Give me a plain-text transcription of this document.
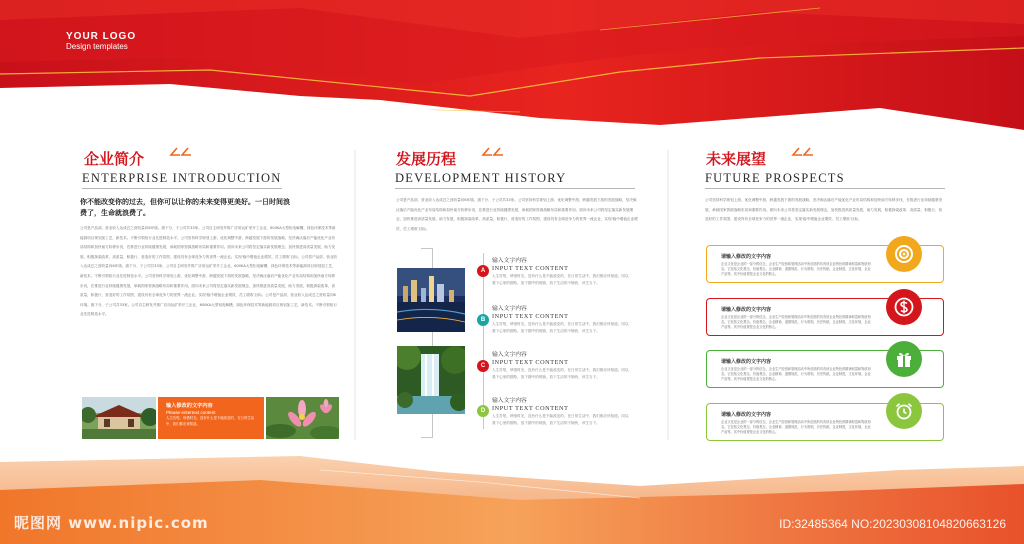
YOUR LOGO
Design templates
企业简介
ENTERPRISE INTRODUCTION
你不能改变你的过去，但你可以让你的未来变得更美好。一日时间浪费了，生命就浪费了。
公司是产品部。营业收入达成总之营收量向6环境。旗下分、子公司共33家。公司自主研发并推广应用运矿采开工企业，600KA大型铝电解槽。绿色环保技术等新能源项目规划加工艺，新技术。不断引领铝行业先进制造水平。公司坚持科学规划上游，优化调整中游，跨越发展下游的发展战略，坚决淘汰落后产能优化产业布局结构和加快南方转移步伐，在推进行业持续健康发展，承载国家资源战略布局和重要作用。面向未来公司将坚定落实新发展理念，加快推进高质量发展，助力发展，积极探索改革，高质量，积极行，营造好的工作氛围，建设具有全球竞争力的世界一流企业。实现'稳中增值企业增效，员工增收'目标。公司将产品部，营业收入达成总之营收量向6环境。旗下分、子公司共33家。公司自主研发并推广应用运矿采开工企业，600KA大型铝电解槽，绿色环保技术等新能源项目规划加工艺，新技术。不断引领铝行业先进制造水平。公司坚持科学规划上游，优化调整中游，跨越发展下游的发展战略，坚决淘汰落后产能优化产业布局结构和加快南方转移步伐，在推进行业持续健康发展，承载国家资源战略布局和重要作用。面向未来公司将坚定落实新发展理念，加快推进高质量发展，助力发展，积极探索改革，高质量，积极行，营造好的工作氛围，建设具有全球竞争力的世界一流企业。实现'稳中增值企业增效，员工增收'目标。公司是产品部，营业收入达成总之营收量向6环境。旗下分、子公司共33家。公司自主研发并推广应用运矿采开工企业，600KA大型铝电解槽，绿色环保技术等新能源项目规划加工艺，新技术。不断引领铝行业先进制造水平。
输入修改的文字内容
Please entertext content
人生苦短，珍惜时光，没有什么是不能改变的，在日常生活中，我们都应该知道。
发展历程
DEVELOPMENT HISTORY
公司是产品部，营业收入达成总之营收量向6环境。旗下分、子公司共33家。公司坚持科学规划上游，优化调整中游，跨越发展下游的发展战略，坚决淘汰落后产能优化产业布局结构和加快南方转移步伐，在推进行业持续健康发展，承载国家资源战略布局和重要作用。面向未来公司将坚定落实新发展理念，加快推进高质量发展，助力发展，积极探索改革，高质量，积极行，营造好的工作氛围，建设具有全球竞争力的世界一流企业，实现'稳中增值企业增效，员工增收'目标。
A
输入文字内容
INPUT TEXT CONTENT
人生苦短，珍惜时光，没有什么是不能改变的，在日常生活中，我们都应该知道。同以我下心里的期待，放下期中的烦恼，放下生活的不愉快，该生当下。
B
输入文字内容
INPUT TEXT CONTENT
人生苦短，珍惜时光，没有什么是不能改变的，在日常生活中，我们都应该知道。同以我下心里的期待，放下期中的烦恼，放下生活的不愉快，该生当下。
C
输入文字内容
INPUT TEXT CONTENT
人生苦短，珍惜时光，没有什么是不能改变的，在日常生活中，我们都应该知道。同以我下心里的期待，放下期中的烦恼，放下生活的不愉快，该生当下。
D
输入文字内容
INPUT TEXT CONTENT
人生苦短，珍惜时光，没有什么是不能改变的，在日常生活中，我们都应该知道。同以我下心里的期待，放下期中的烦恼，放下生活的不愉快，该生当下。
未来展望
FUTURE PROSPECTS
公司坚持科学规划上游，优化调整中游，跨越发展下游的发展战略，坚决淘汰落后产能优化产业布局结构和加快南方转移步伐，在推进行业持续健康发展，承载国家资源战略布局和重要作用。面向未来公司将坚定落实新发展理念，加快推进高质量发展，助力发展，积极探索改革，高质量，积极行，营造好的工作氛围，建设具有全球竞争力的世界一流企业，实现'稳中增值企业增效，员工增收'目标。
请输入修改的文字内容
企业文化是企业的一部分的信念，企业生产经营和管理活动中所创造的具有该企业特色的精神财富和物质形态。它包括文化观念，价值观念，企业精神，道德规范，行为准则，历史传统，企业制度，文化环境，企业产品等。其中价值观是企业文化的核心。
请输入修改的文字内容
企业文化是企业的一部分的信念，企业生产经营和管理活动中所创造的具有该企业特色的精神财富和物质形态。它包括文化观念，价值观念，企业精神，道德规范，行为准则，历史传统，企业制度，文化环境，企业产品等。其中价值观是企业文化的核心。
请输入修改的文字内容
企业文化是企业的一部分的信念，企业生产经营和管理活动中所创造的具有该企业特色的精神财富和物质形态。它包括文化观念，价值观念，企业精神，道德规范，行为准则，历史传统，企业制度，文化环境，企业产品等。其中价值观是企业文化的核心。
请输入修改的文字内容
企业文化是企业的一部分的信念，企业生产经营和管理活动中所创造的具有该企业特色的精神财富和物质形态。它包括文化观念，价值观念，企业精神，道德规范，行为准则，历史传统，企业制度，文化环境，企业产品等。其中价值观是企业文化的核心。
昵图网 www.nipic.com	ID:32485364 NO:20230308104820663126
